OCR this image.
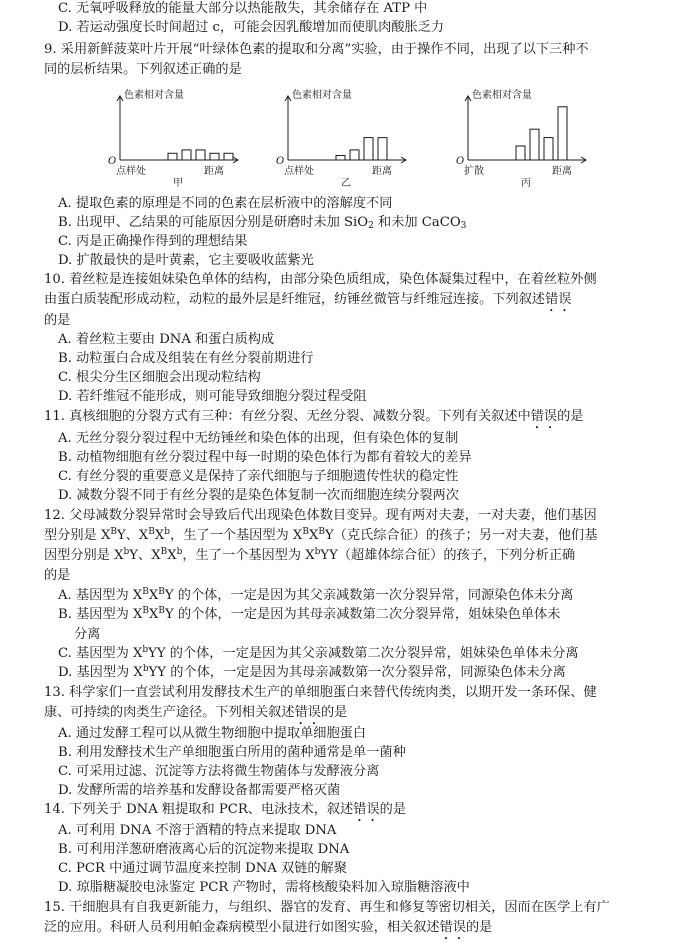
C. 无氧呼吸释放的能量大部分以热能散失，其余储存在 ATP 中
D. 若运动强度长时间超过 c，可能会因乳酸增加而使肌肉酸胀乏力
9. 采用新鲜菠菜叶片开展“叶绿体色素的提取和分离”实验，由于操作不同，出现了以下三种不
同的层析结果。下列叙述正确的是
色素相对含量
O
点样处	距离
甲
色素相对含量
O
点样处	距离
乙
色素相对含量
O
扩散	距离
丙
A. 提取色素的原理是不同的色素在层析液中的溶解度不同
B. 出现甲、乙结果的可能原因分别是研磨时未加 SiO$_2$ 和未加 CaCO$_3$
C. 丙是正确操作得到的理想结果
D. 扩散最快的是叶黄素，它主要吸收蓝紫光
10. 着丝粒是连接姐妹染色单体的结构，由部分染色质组成，染色体凝集过程中，在着丝粒外侧
由蛋白质装配形成动粒，动粒的最外层是纤维冠，纺锤丝微管与纤维冠连接。下列叙述错误
的是
A. 着丝粒主要由 DNA 和蛋白质构成
B. 动粒蛋白合成及组装在有丝分裂前期进行
C. 根尖分生区细胞会出现动粒结构
D. 若纤维冠不能形成，则可能导致细胞分裂过程受阻
11. 真核细胞的分裂方式有三种：有丝分裂、无丝分裂、减数分裂。下列有关叙述中错误的是
A. 无丝分裂分裂过程中无纺锤丝和染色体的出现，但有染色体的复制
B. 动植物细胞有丝分裂过程中每一时期的染色体行为都有着较大的差异
C. 有丝分裂的重要意义是保持了亲代细胞与子细胞遗传性状的稳定性
D. 减数分裂不同于有丝分裂的是染色体复制一次而细胞连续分裂两次
12. 父母减数分裂异常时会导致后代出现染色体数目变异。现有两对夫妻，一对夫妻，他们基因
型分别是 $X^BY$、$X^BX^b$，生了一个基因型为 $X^BX^BY$（克氏综合征）的孩子；另一对夫妻，他们基
因型分别是 $X^bY$、$X^BX^b$，生了一个基因型为 $X^bYY$（超雄体综合征）的孩子，下列分析正确
的是
A. 基因型为 $X^BX^BY$ 的个体，一定是因为其父亲减数第一次分裂异常，同源染色体未分离
B. 基因型为 $X^BX^BY$ 的个体，一定是因为其母亲减数第二次分裂异常，姐妹染色单体未
分离
C. 基因型为 $X^bYY$ 的个体，一定是因为其父亲减数第二次分裂异常，姐妹染色单体未分离
D. 基因型为 $X^bYY$ 的个体，一定是因为其母亲减数第一次分裂异常，同源染色体未分离
13. 科学家们一直尝试利用发酵技术生产的单细胞蛋白来替代传统肉类，以期开发一条环保、健
康、可持续的肉类生产途径。下列相关叙述错误的是
A. 通过发酵工程可以从微生物细胞中提取单细胞蛋白
B. 利用发酵技术生产单细胞蛋白所用的菌种通常是单一菌种
C. 可采用过滤、沉淀等方法将微生物菌体与发酵液分离
D. 发酵所需的培养基和发酵设备都需要严格灭菌
14. 下列关于 DNA 粗提取和 PCR、电泳技术，叙述错误的是
A. 可利用 DNA 不溶于酒精的特点来提取 DNA
B. 可利用洋葱研磨液离心后的沉淀物来提取 DNA
C. PCR 中通过调节温度来控制 DNA 双链的解聚
D. 琼脂糖凝胶电泳鉴定 PCR 产物时，需将核酸染料加入琼脂糖溶液中
15. 干细胞具有自我更新能力，与组织、器官的发育、再生和修复等密切相关，因而在医学上有广
泛的应用。科研人员利用帕金森病模型小鼠进行如图实验，相关叙述错误的是
